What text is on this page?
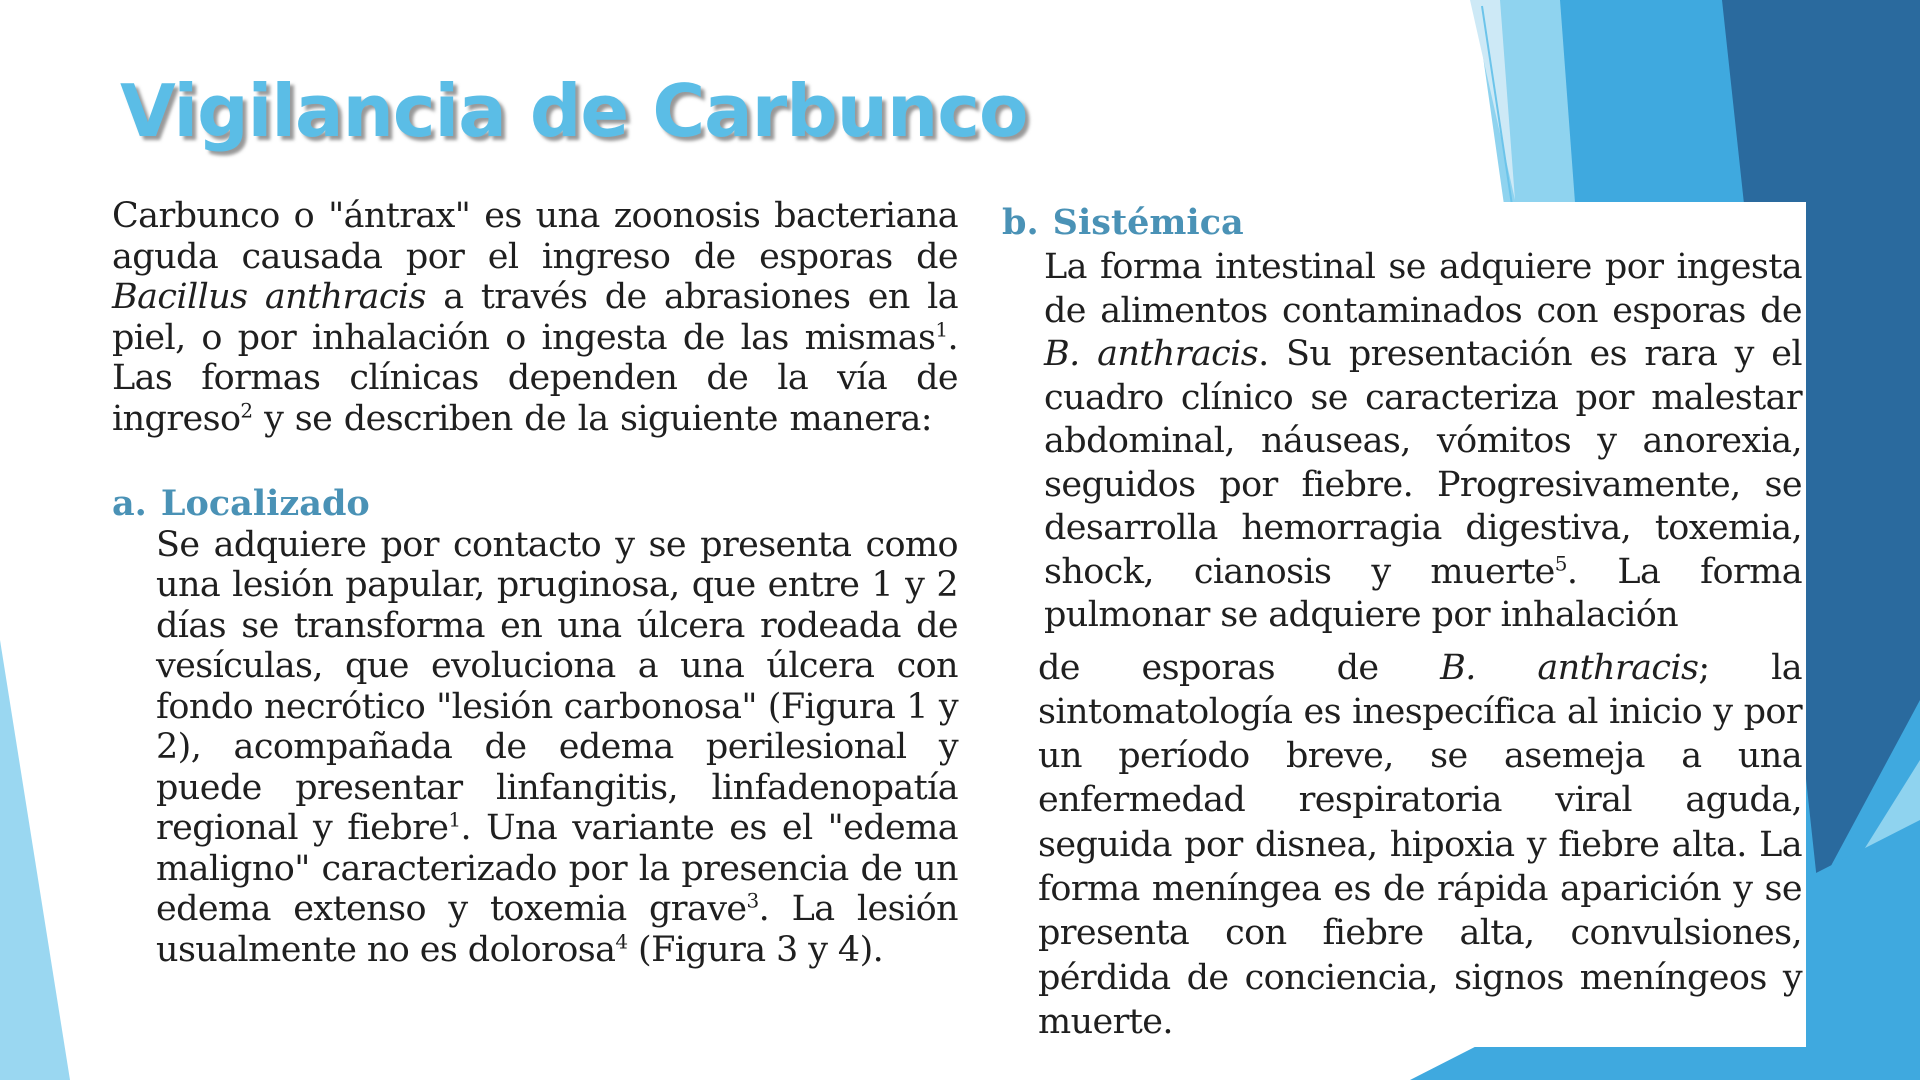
Vigilancia de Carbunco

Carbunco o "ántrax" es una zoonosis bacteriana aguda causada por el ingreso de esporas de Bacillus anthracis a través de abrasiones en la piel, o por inhalación o ingesta de las mismas$^1$. Las formas clínicas dependen de la vía de ingreso$^2$ y se describen de la siguiente manera:

a. Localizado

Se adquiere por contacto y se presenta como una lesión papular, pruginosa, que entre 1 y 2 días se transforma en una úlcera rodeada de vesículas, que evoluciona a una úlcera con fondo necrótico "lesión carbonosa" (Figura 1 y 2), acompañada de edema perilesional y puede presentar linfangitis, linfadenopatía regional y fiebre$^1$. Una variante es el "edema maligno" caracterizado por la presencia de un edema extenso y toxemia grave$^3$. La lesión usualmente no es dolorosa$^4$ (Figura 3 y 4).

b. Sistémica

La forma intestinal se adquiere por ingesta de alimentos contaminados con esporas de B. anthracis. Su presentación es rara y el cuadro clínico se caracteriza por malestar abdominal, náuseas, vómitos y anorexia, seguidos por fiebre. Progresivamente, se desarrolla hemorragia digestiva, toxemia, shock, cianosis y muerte$^5$. La forma pulmonar se adquiere por inhalación

de esporas de B. anthracis; la sintomatología es inespecífica al inicio y por un período breve, se asemeja a una enfermedad respiratoria viral aguda, seguida por disnea, hipoxia y fiebre alta. La forma meníngea es de rápida aparición y se presenta con fiebre alta, convulsiones, pérdida de conciencia, signos meníngeos y muerte.
